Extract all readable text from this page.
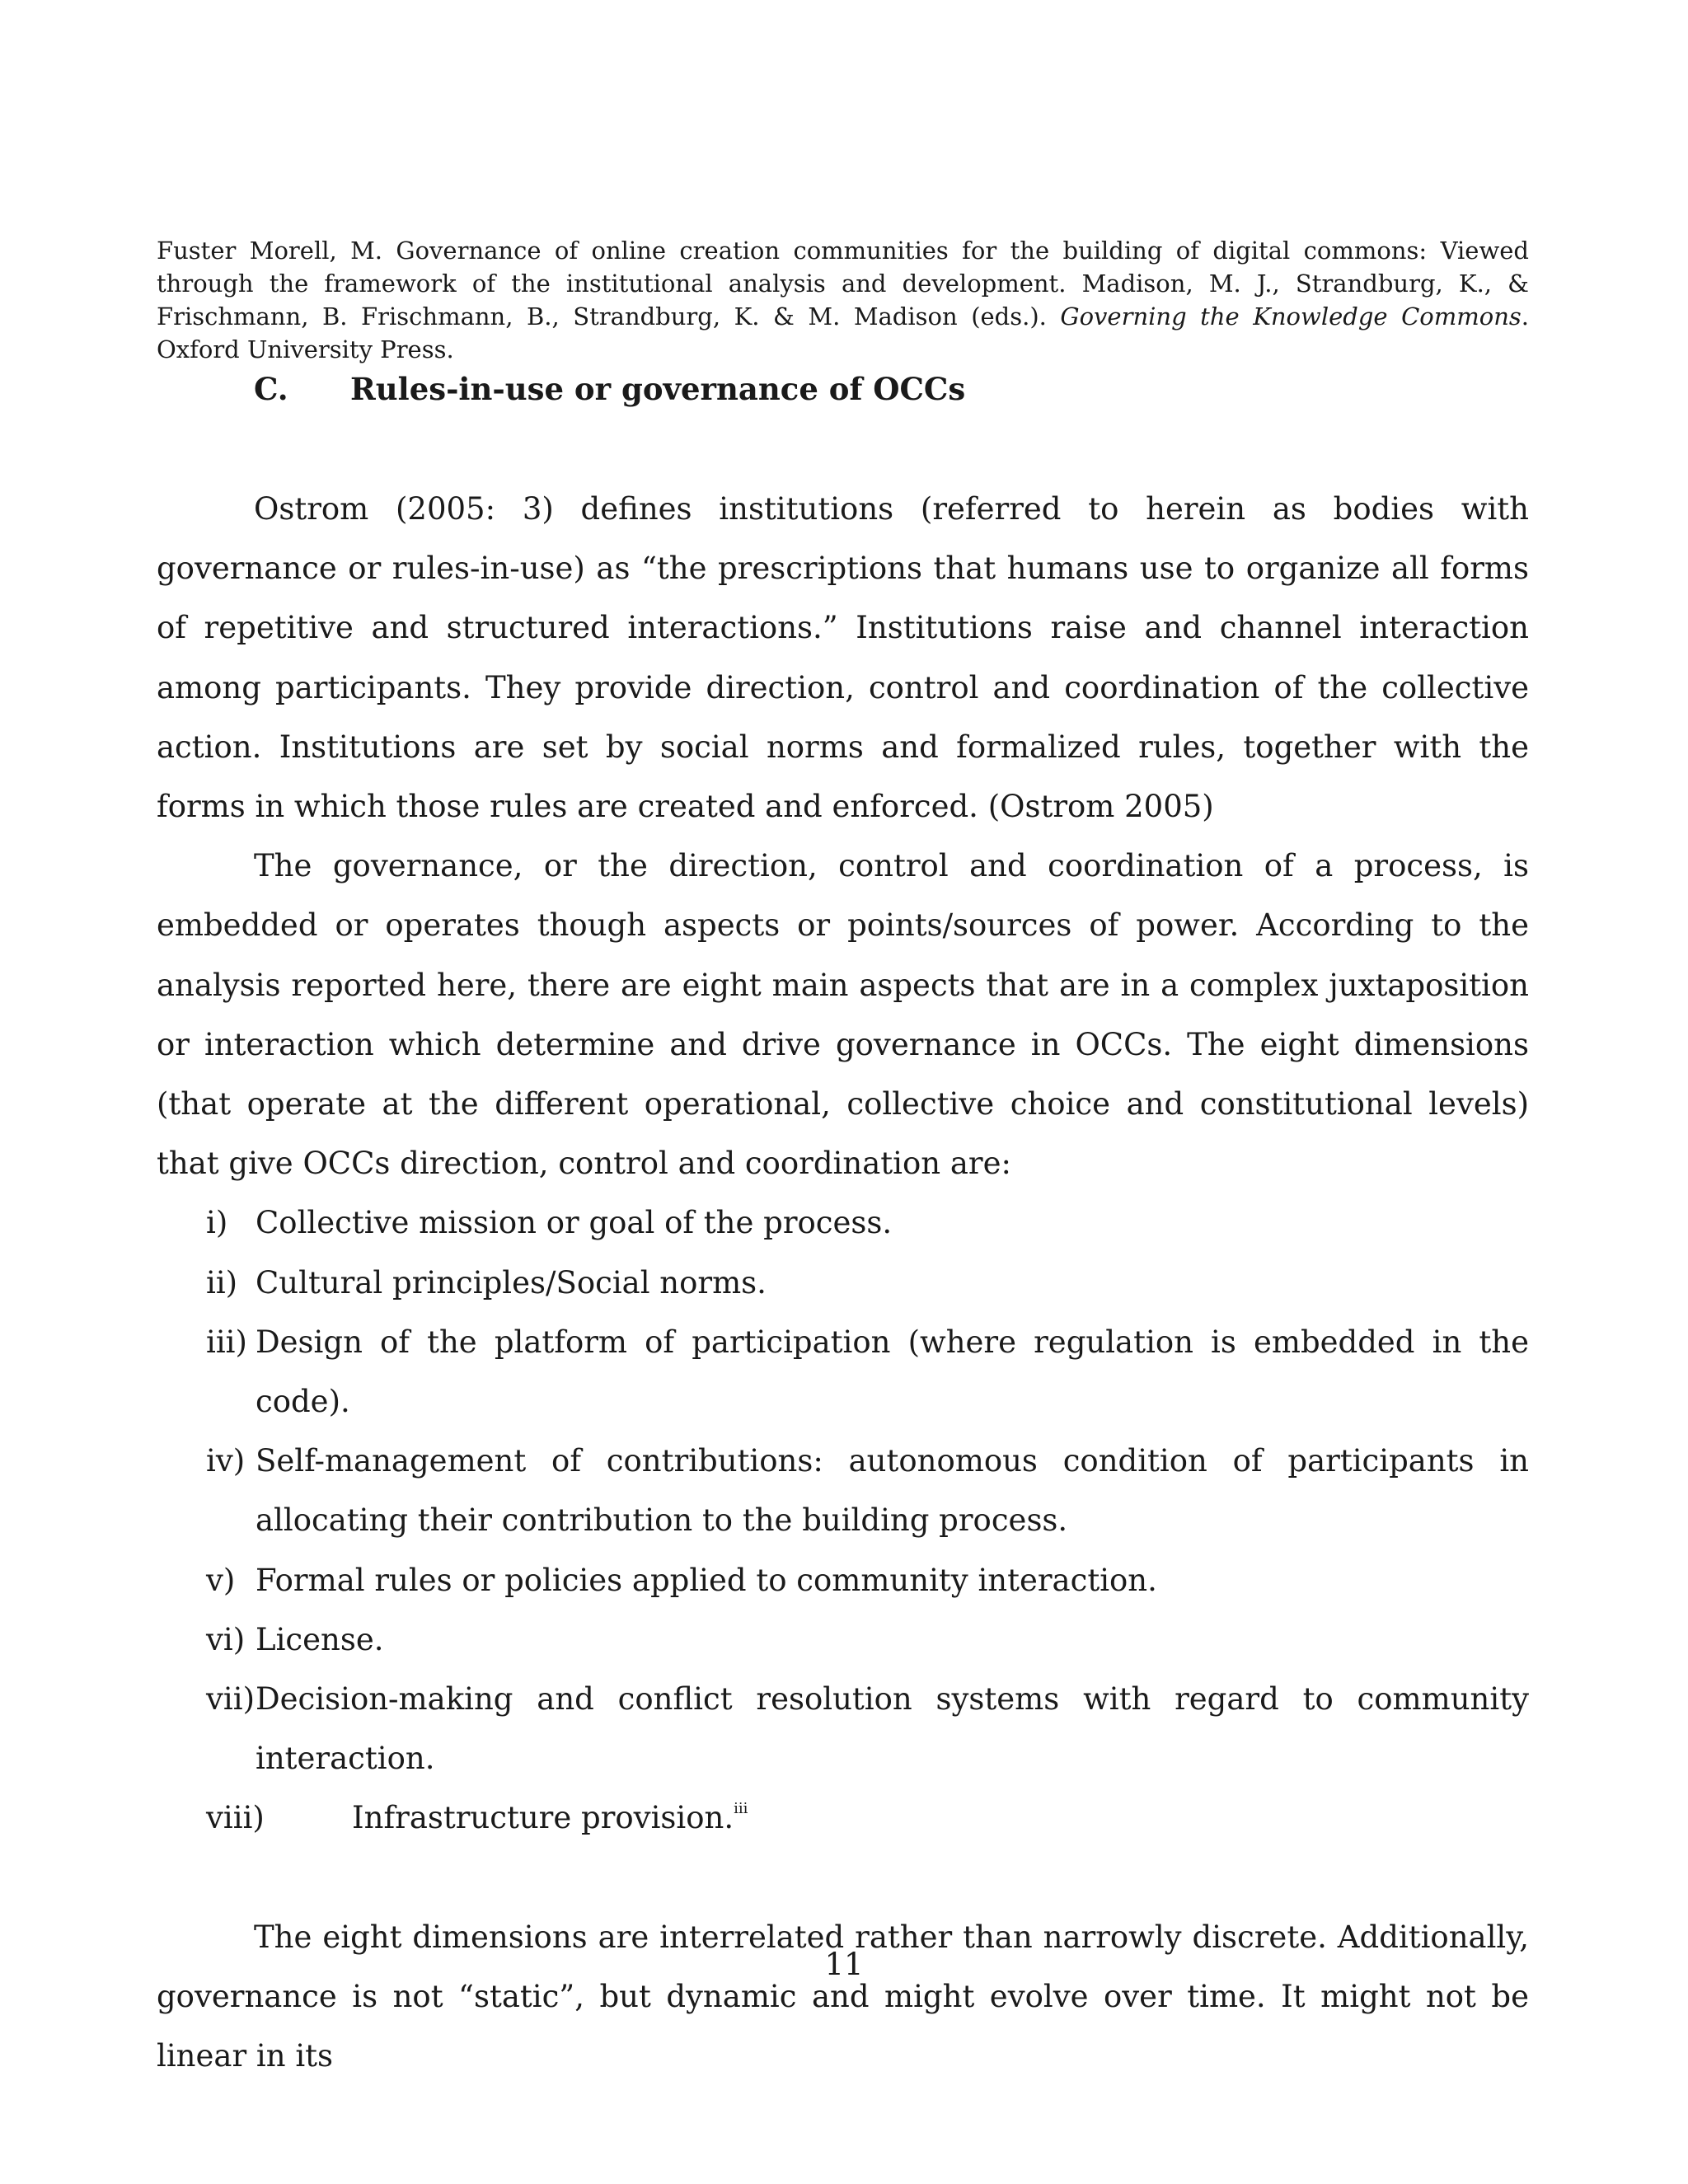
Fuster Morell, M. Governance of online creation communities for the building of digital commons: Viewed through the framework of the institutional analysis and development. Madison, M. J., Strandburg, K., & Frischmann, B. Frischmann, B., Strandburg, K. & M. Madison (eds.). Governing the Knowledge Commons. Oxford University Press.
C. Rules-in-use or governance of OCCs

Ostrom (2005: 3) defines institutions (referred to herein as bodies with governance or rules-in-use) as “the prescriptions that humans use to organize all forms of repetitive and structured interactions.” Institutions raise and channel interaction among participants. They provide direction, control and coordination of the collective action. Institutions are set by social norms and formalized rules, together with the forms in which those rules are created and enforced. (Ostrom 2005)

The governance, or the direction, control and coordination of a process, is embedded or operates though aspects or points/sources of power. According to the analysis reported here, there are eight main aspects that are in a complex juxtaposition or interaction which determine and drive governance in OCCs. The eight dimensions (that operate at the different operational, collective choice and constitutional levels) that give OCCs direction, control and coordination are:

i) Collective mission or goal of the process.
ii) Cultural principles/Social norms.
iii) Design of the platform of participation (where regulation is embedded in the code).
iv) Self-management of contributions: autonomous condition of participants in allocating their contribution to the building process.
v) Formal rules or policies applied to community interaction.
vi) License.
vii) Decision-making and conflict resolution systems with regard to community interaction.
viii)	Infrastructure provision.$^{iii}$

The eight dimensions are interrelated rather than narrowly discrete. Additionally, governance is not “static”, but dynamic and might evolve over time. It might not be linear in its

11
